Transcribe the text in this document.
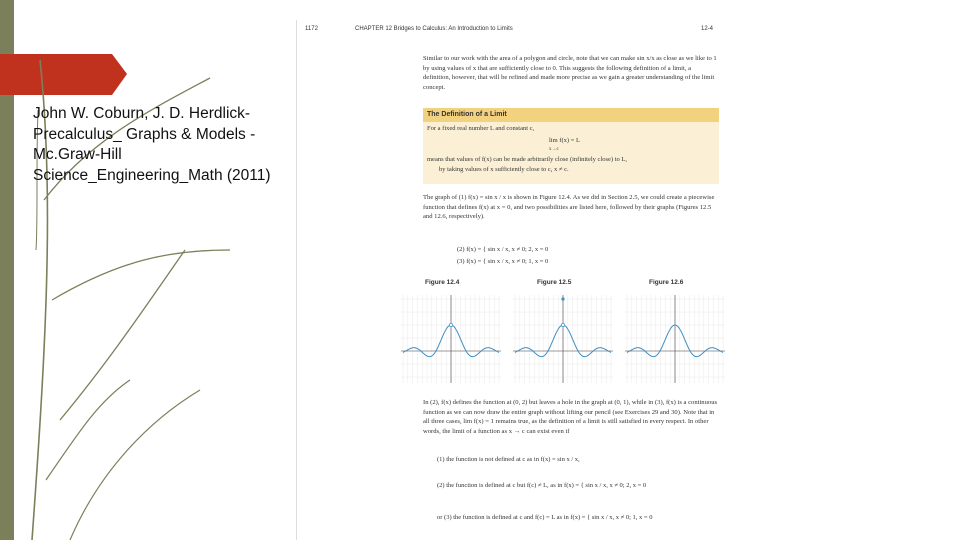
John W. Coburn, J. D. Herdlick-Precalculus_ Graphs & Models - Mc.Graw-Hill Science_Engineering_Math (2011)
1172	CHAPTER 12 Bridges to Calculus: An Introduction to Limits	12-4
Similar to our work with the area of a polygon and circle, note that we can make sin x/x as close as we like to 1 by using values of x that are sufficiently close to 0. This suggests the following definition of a limit, a definition, however, that will be refined and made more precise as we gain a greater understanding of the limit concept.
The Definition of a Limit
For a fixed real number L and constant c,
lim f(x) = L
x→c
means that values of f(x) can be made arbitrarily close (infinitely close) to L,
by taking values of x sufficiently close to c, x ≠ c.
The graph of (1) f(x) = sin x / x is shown in Figure 12.4. As we did in Section 2.5, we could create a piecewise function that defines f(x) at x = 0, and two possibilities are listed here, followed by their graphs (Figures 12.5 and 12.6, respectively).
(2) f(x) = { sin x / x, x ≠ 0; 2, x = 0
(3) f(x) = { sin x / x, x ≠ 0; 1, x = 0
Figure 12.4	Figure 12.5	Figure 12.6
In (2), f(x) defines the function at (0, 2) but leaves a hole in the graph at (0, 1), while in (3), f(x) is a continuous function as we can now draw the entire graph without lifting our pencil (see Exercises 29 and 30). Note that in all three cases, lim f(x) = 1 remains true, as the definition of a limit is still satisfied in every respect. In other words, the limit of a function as x → c can exist even if
(1) the function is not defined at c as in f(x) = sin x / x,
(2) the function is defined at c but f(c) ≠ L, as in f(x) = { sin x / x, x ≠ 0; 2, x = 0
or (3) the function is defined at c and f(c) = L as in f(x) = { sin x / x, x ≠ 0; 1, x = 0
